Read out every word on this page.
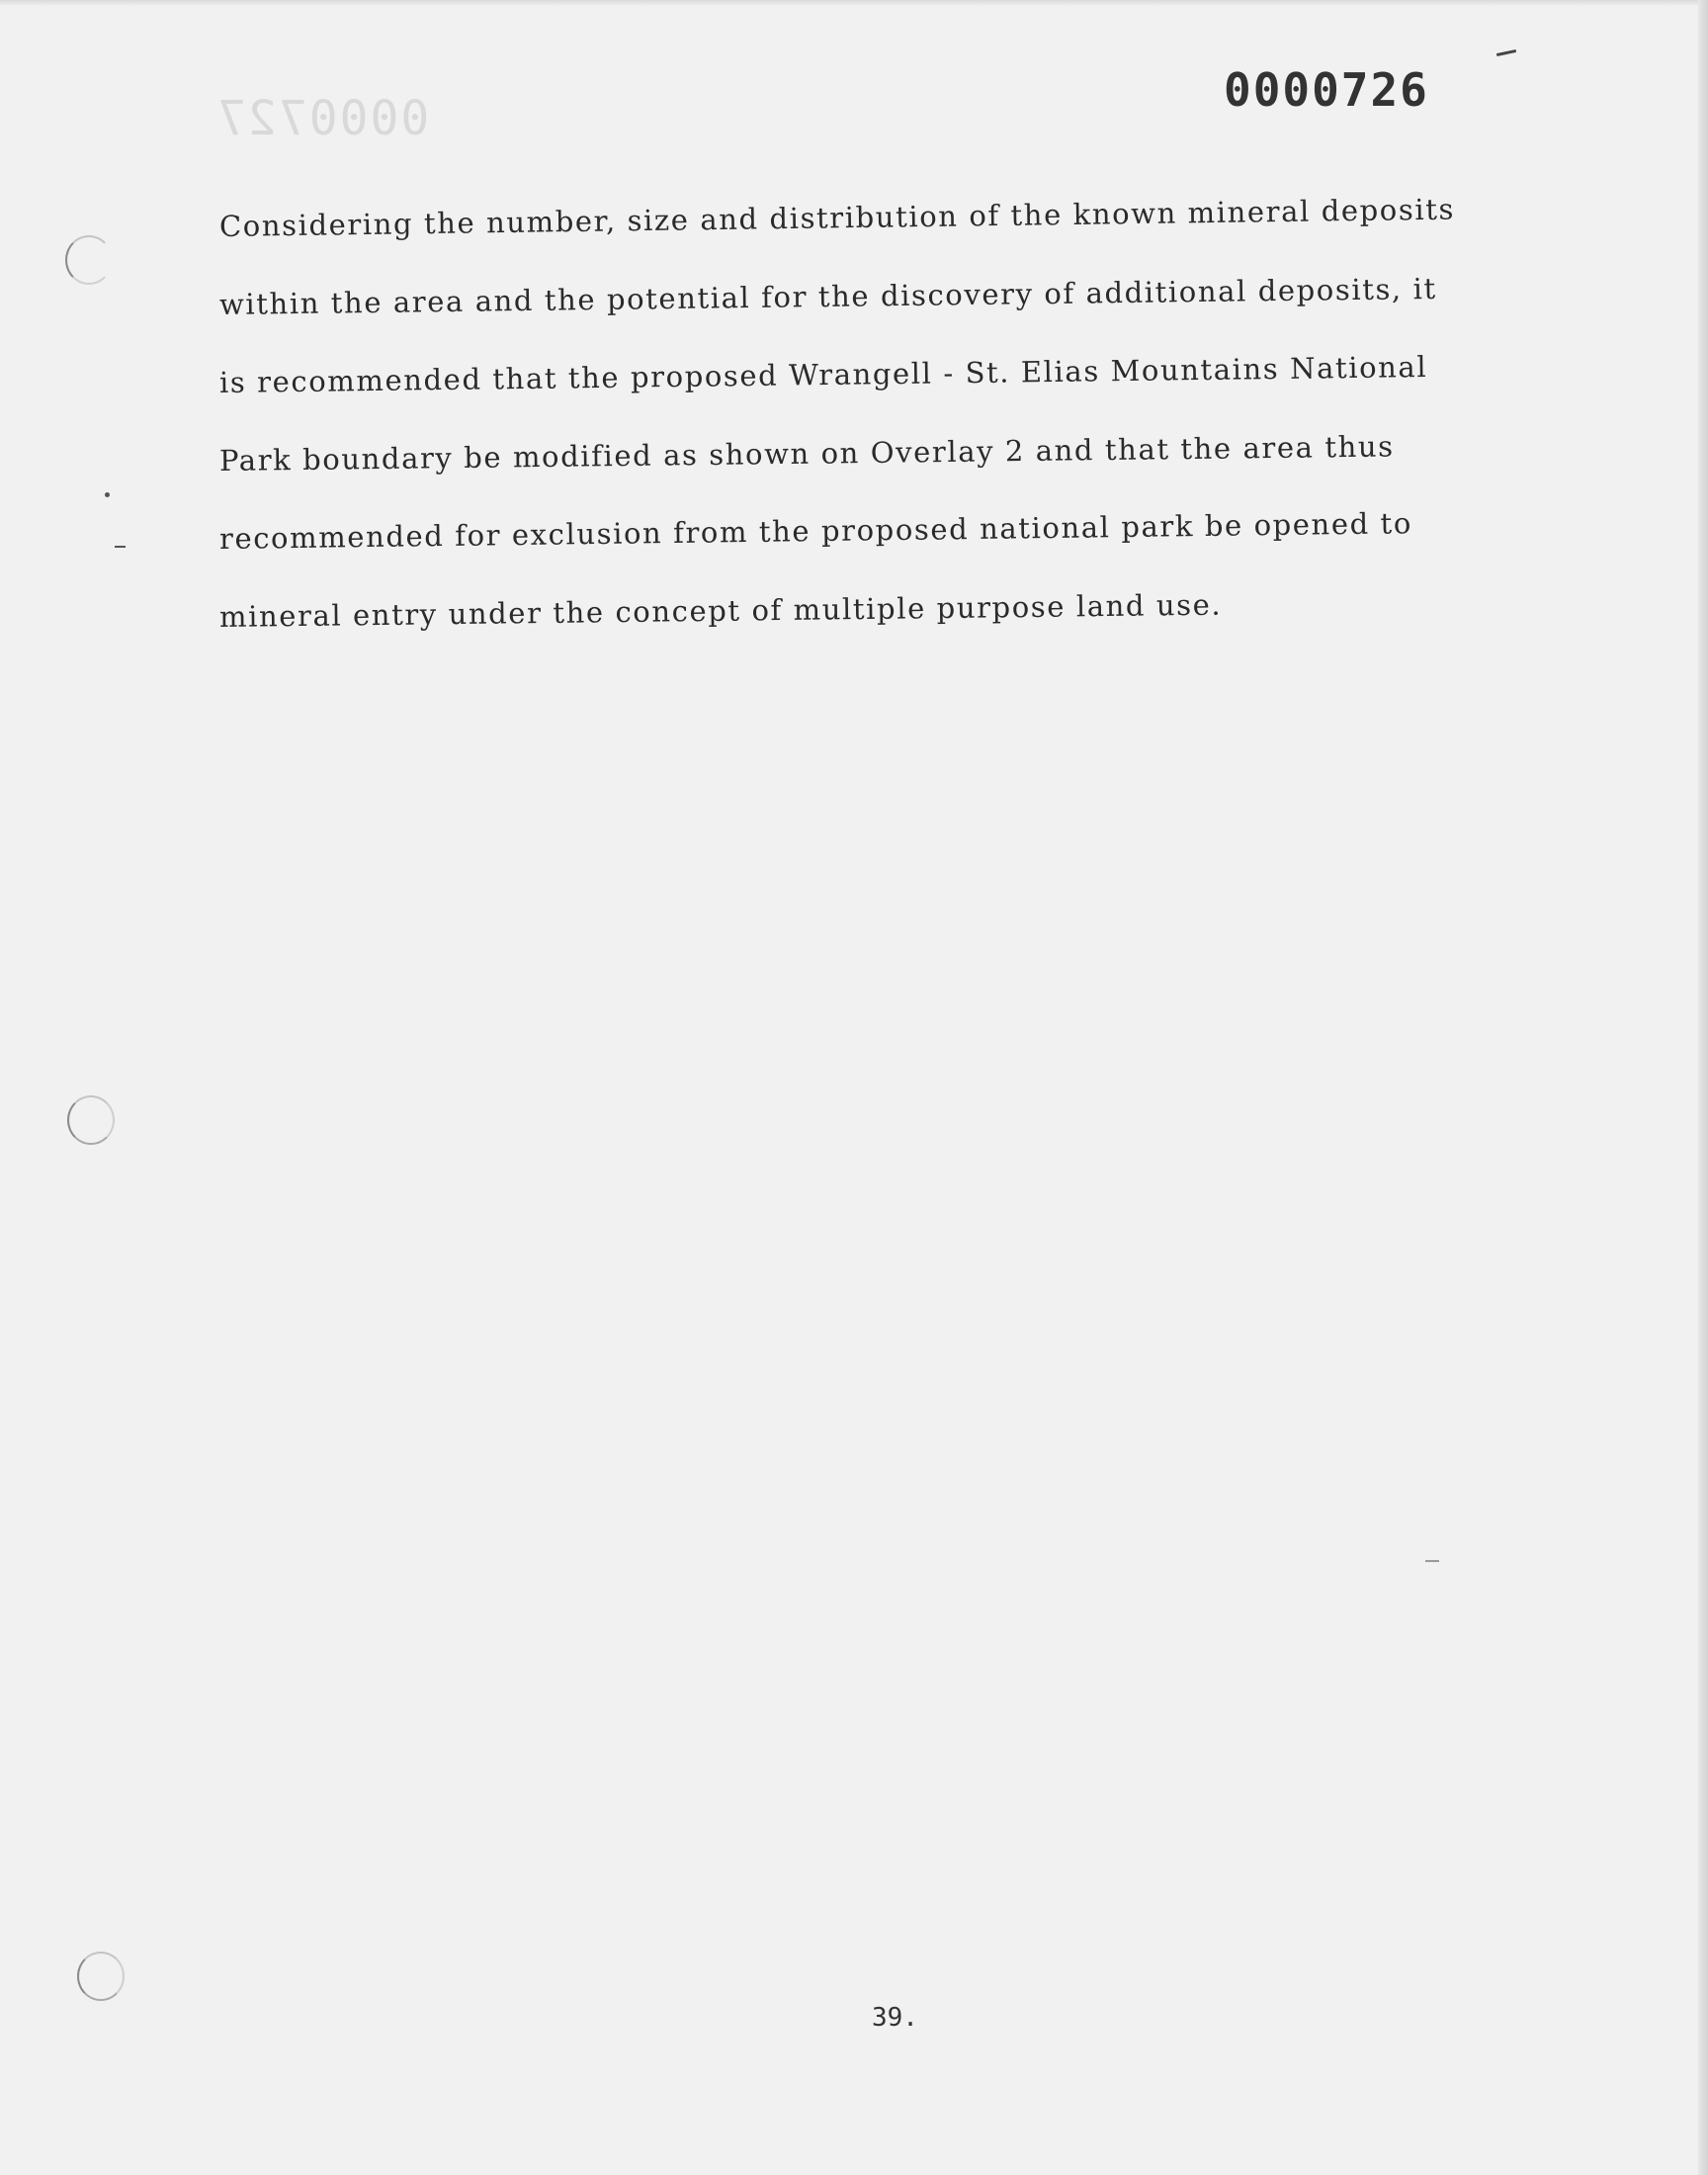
0000727
0000726

Considering the number, size and distribution of the known mineral deposits
within the area and the potential for the discovery of additional deposits, it
is recommended that the proposed Wrangell - St. Elias Mountains National
Park boundary be modified as shown on Overlay 2 and that the area thus
recommended for exclusion from the proposed national park be opened to
mineral entry under the concept of multiple purpose land use.

39.
